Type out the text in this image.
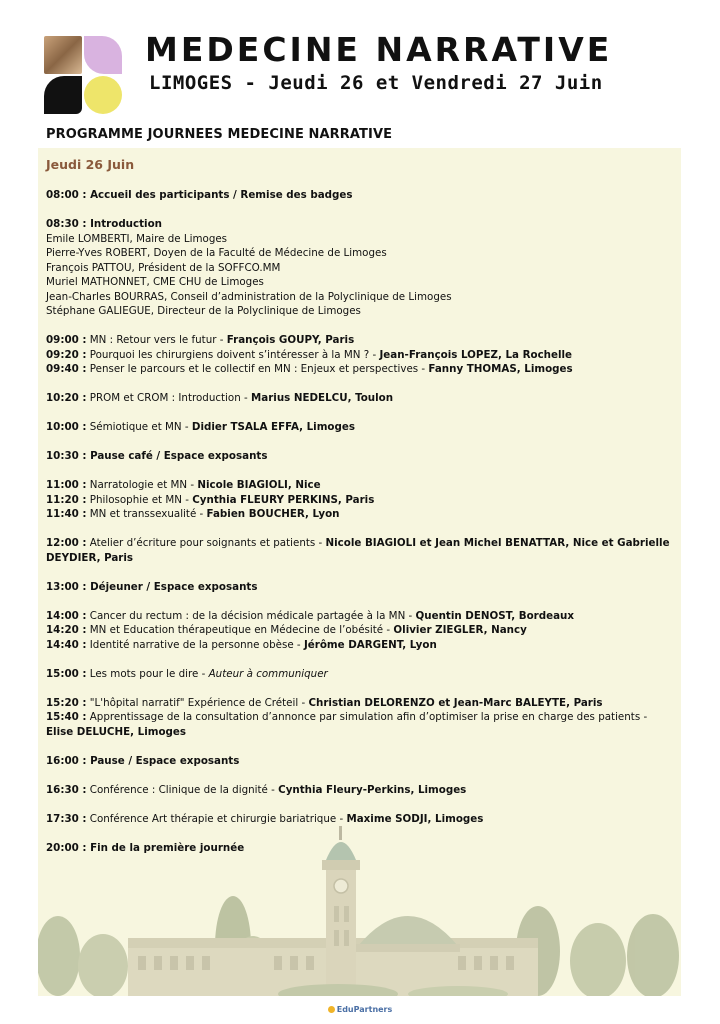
MEDECINE NARRATIVE
LIMOGES - Jeudi 26 et Vendredi 27 Juin
PROGRAMME JOURNEES MEDECINE NARRATIVE
Jeudi 26 Juin
08:00 : Accueil des participants / Remise des badges
08:30 : Introduction
Emile LOMBERTI, Maire de Limoges
Pierre-Yves ROBERT, Doyen de la Faculté de Médecine de Limoges
François PATTOU, Président de la SOFFCO.MM
Muriel MATHONNET, CME CHU de Limoges
Jean-Charles BOURRAS, Conseil d’administration de la Polyclinique de Limoges
Stéphane GALIEGUE, Directeur de la Polyclinique de Limoges
09:00 : MN : Retour vers le futur - François GOUPY, Paris
09:20 : Pourquoi les chirurgiens doivent s’intéresser à la MN ? - Jean-François LOPEZ, La Rochelle
09:40 : Penser le parcours et le collectif en MN : Enjeux et perspectives - Fanny THOMAS, Limoges
10:20 : PROM et CROM : Introduction - Marius NEDELCU, Toulon
10:00 : Sémiotique et MN - Didier TSALA EFFA, Limoges
10:30 : Pause café / Espace exposants
11:00 : Narratologie et MN - Nicole BIAGIOLI, Nice
11:20 : Philosophie et MN - Cynthia FLEURY PERKINS, Paris
11:40 : MN et transsexualité - Fabien BOUCHER, Lyon
12:00 : Atelier d’écriture pour soignants et patients - Nicole BIAGIOLI et Jean Michel BENATTAR, Nice et Gabrielle DEYDIER, Paris
13:00 : Déjeuner / Espace exposants
14:00 : Cancer du rectum : de la décision médicale partagée à la MN - Quentin DENOST, Bordeaux
14:20 : MN et Education thérapeutique en Médecine de l’obésité - Olivier ZIEGLER, Nancy
14:40 : Identité narrative de la personne obèse - Jérôme DARGENT, Lyon
15:00 : Les mots pour le dire - Auteur à communiquer
15:20 : "L'hôpital narratif" Expérience de Créteil - Christian DELORENZO et Jean-Marc BALEYTE, Paris
15:40 : Apprentissage de la consultation d’annonce par simulation afin d’optimiser la prise en charge des patients - Elise DELUCHE, Limoges
16:00 : Pause / Espace exposants
16:30 : Conférence : Clinique de la dignité - Cynthia Fleury-Perkins, Limoges
17:30 : Conférence Art thérapie et chirurgie bariatrique - Maxime SODJI, Limoges
20:00 : Fin de la première journée
EduPartners
